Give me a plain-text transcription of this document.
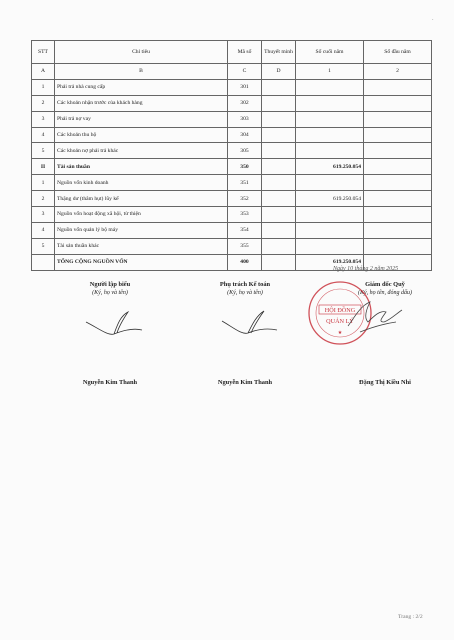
•
STT	Chỉ tiêu	Mã số	Thuyết minh	Số cuối năm	Số đầu năm
A	B	C	D	1	2
1	Phải trả nhà cung cấp	301			
2	Các khoản nhận trước của khách hàng	302			
3	Phải trả nợ vay	303			
4	Các khoản thu hộ	304			
5	Các khoản nợ phải trả khác	305			
II	Tài sản thuần	350		619.250.054	
1	Nguồn vốn kinh doanh	351			
2	Thặng dư (thâm hụt) lũy kế	352		619.250.054	
3	Nguồn vốn hoạt động xã hội, từ thiện	353			
4	Nguồn vốn quản lý bộ máy	354			
5	Tài sản thuần khác	355			
	TỔNG CỘNG NGUỒN VỐN	400		619.250.054	
Ngày 10 tháng 2 năm 2025
Người lập biểu
(Ký, họ và tên)
Phụ trách Kế toán
(Ký, họ và tên)
Giám đốc Quỹ
(Ký, họ tên, đóng dấu)
HỘI ĐỒNG
QUẢN LÝ
★
Nguyễn Kim Thanh	Nguyễn Kim Thanh	Đặng Thị Kiều Nhi
Trang : 2/2
